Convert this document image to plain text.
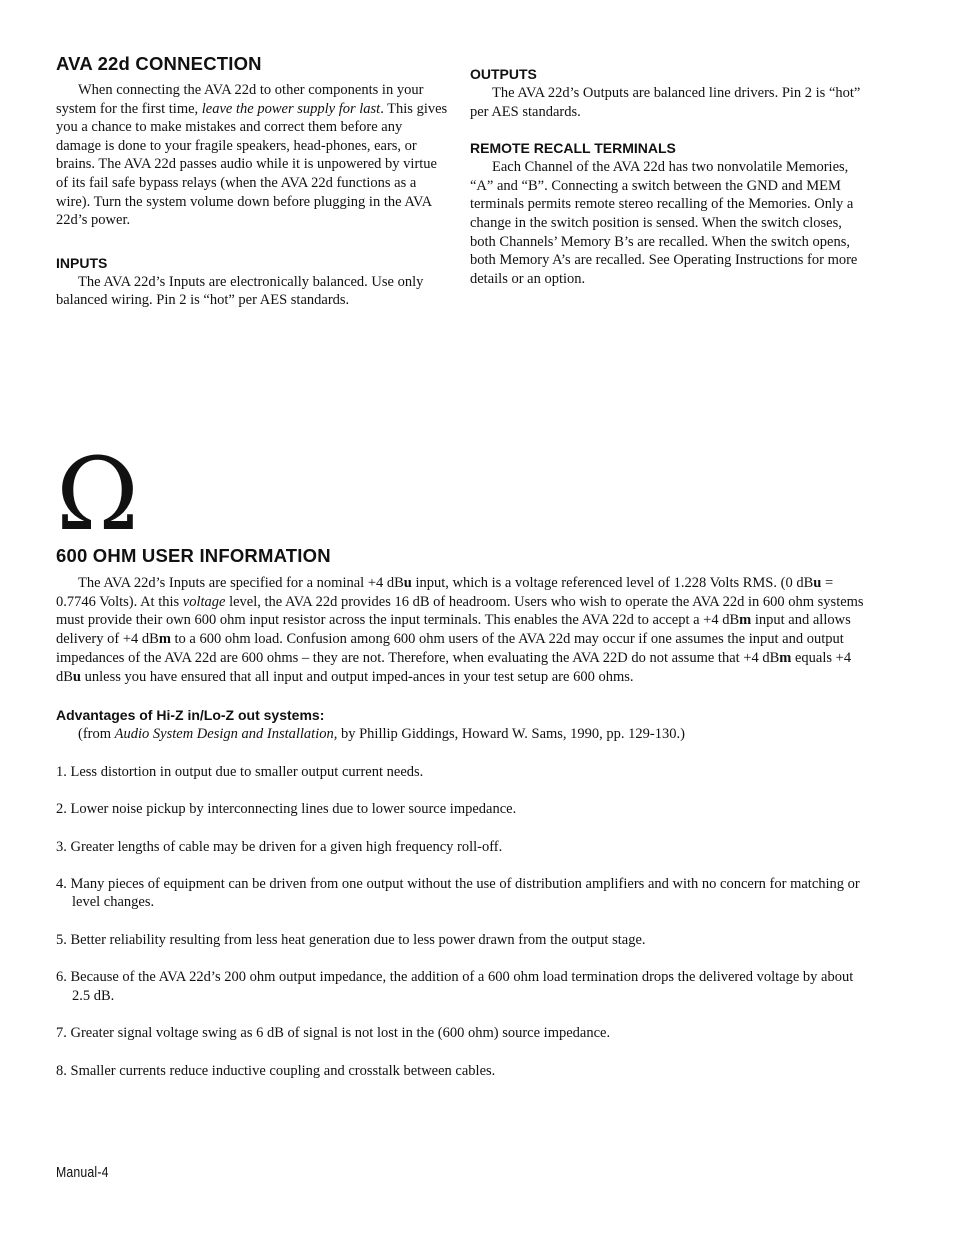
AVA 22d CONNECTION

When connecting the AVA 22d to other components in your system for the first time, leave the power supply for last. This gives you a chance to make mistakes and correct them before any damage is done to your fragile speakers, head-phones, ears, or brains. The AVA 22d passes audio while it is unpowered by virtue of its fail safe bypass relays (when the AVA 22d functions as a wire). Turn the system volume down before plugging in the AVA 22d’s power.

INPUTS

The AVA 22d’s Inputs are electronically balanced. Use only balanced wiring. Pin 2 is “hot” per AES standards.

OUTPUTS

The AVA 22d’s Outputs are balanced line drivers. Pin 2 is “hot” per AES standards.

REMOTE RECALL TERMINALS

Each Channel of the AVA 22d has two nonvolatile Memories, “A” and “B”. Connecting a switch between the GND and MEM terminals permits remote stereo recalling of the Memories. Only a change in the switch position is sensed. When the switch closes, both Channels’ Memory B’s are recalled. When the switch opens, both Memory A’s are recalled. See Operating Instructions for more details or an option.

Ω
600 OHM USER INFORMATION

The AVA 22d’s Inputs are specified for a nominal +4 dBu input, which is a voltage referenced level of 1.228 Volts RMS. (0 dBu = 0.7746 Volts). At this voltage level, the AVA 22d provides 16 dB of headroom. Users who wish to operate the AVA 22d in 600 ohm systems must provide their own 600 ohm input resistor across the input terminals. This enables the AVA 22d to accept a +4 dBm input and allows delivery of +4 dBm to a 600 ohm load. Confusion among 600 ohm users of the AVA 22d may occur if one assumes the input and output impedances of the AVA 22d are 600 ohms – they are not. Therefore, when evaluating the AVA 22D do not assume that +4 dBm equals +4 dBu unless you have ensured that all input and output imped-ances in your test setup are 600 ohms.

Advantages of Hi-Z in/Lo-Z out systems:

(from Audio System Design and Installation, by Phillip Giddings, Howard W. Sams, 1990, pp. 129-130.)

1. Less distortion in output due to smaller output current needs.
2. Lower noise pickup by interconnecting lines due to lower source impedance.
3. Greater lengths of cable may be driven for a given high frequency roll-off.
4. Many pieces of equipment can be driven from one output without the use of distribution amplifiers and with no concern for matching or level changes.
5. Better reliability resulting from less heat generation due to less power drawn from the output stage.
6. Because of the AVA 22d’s 200 ohm output impedance, the addition of a 600 ohm load termination drops the delivered voltage by about 2.5 dB.
7. Greater signal voltage swing as 6 dB of signal is not lost in the (600 ohm) source impedance.
8. Smaller currents reduce inductive coupling and crosstalk between cables.
Manual-4
